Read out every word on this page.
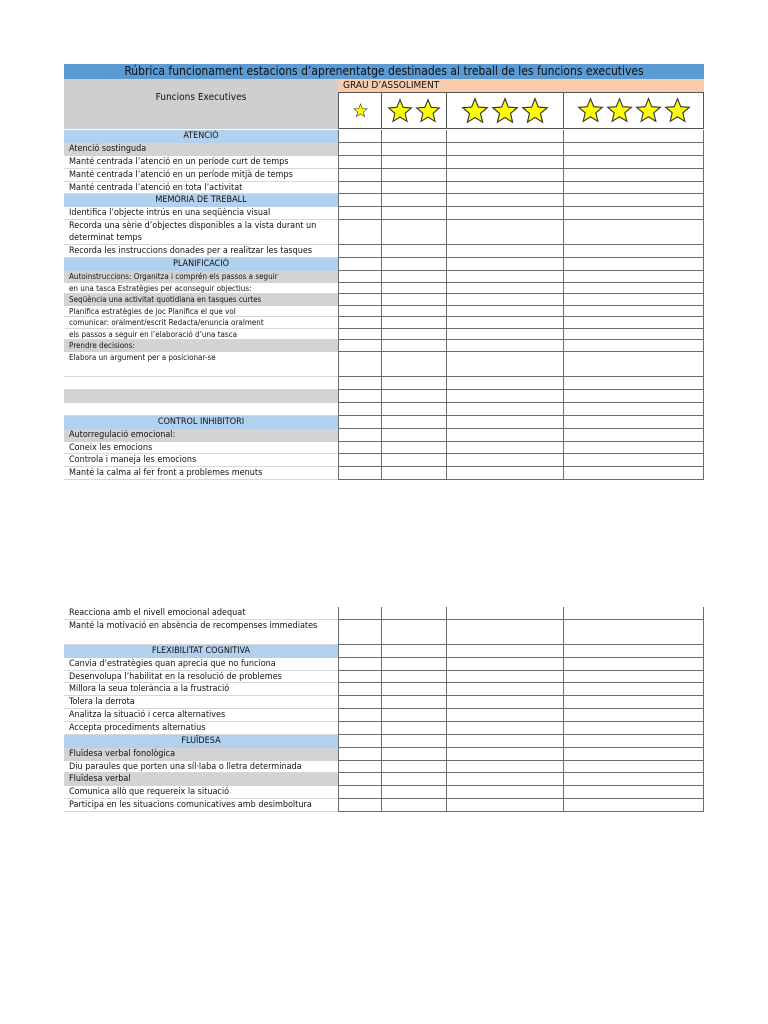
Rúbrica funcionament estacions d’aprenentatge destinades al treball de les funcions executives
Funcions Executives
GRAU D’ASSOLIMENT
ATENCIÓ
Atenció sostinguda
Manté centrada l’atenció en un període curt de temps
Manté centrada l’atenció en un període mitjà de temps
Manté centrada l’atenció en tota l’activitat
MEMÒRIA DE TREBALL
Identifica l’objecte intrús en una seqüència visual
Recorda una sèrie d’objectes disponibles a la vista durant un determinat temps
Recorda les instruccions donades per a realitzar les tasques
PLANIFICACIÓ
Autoinstruccions: Organitza i comprén els passos a seguir
en una tasca Estratègies per aconseguir objectius:
Seqüència una activitat quotidiana en tasques curtes
Planifica estratègies de joc Planifica el que vol
comunicar: oralment/escrit Redacta/enuncia oralment
els passos a seguir en l’elaboració d’una tasca
Prendre decisions:
Elabora un argument per a posicionar-se
CONTROL INHIBITORI
Autorregulació emocional:
Coneix les emocions
Controla i maneja les emocions
Manté la calma al fer front a problemes menuts
Reacciona amb el nivell emocional adequat
Manté la motivació en absència de recompenses immediates
FLEXIBILITAT COGNITIVA
Canvia d’estratègies quan aprecia que no funciona
Desenvolupa l’habilitat en la resolució de problemes
Millora la seua tolerància a la frustració
Tolera la derrota
Analitza la situació i cerca alternatives
Accepta procediments alternatius
FLUÏDESA
Fluïdesa verbal fonològica
Diu paraules que porten una síl·laba o lletra determinada
Fluïdesa verbal
Comunica allò que requereix la situació
Participa en les situacions comunicatives amb desimboltura
